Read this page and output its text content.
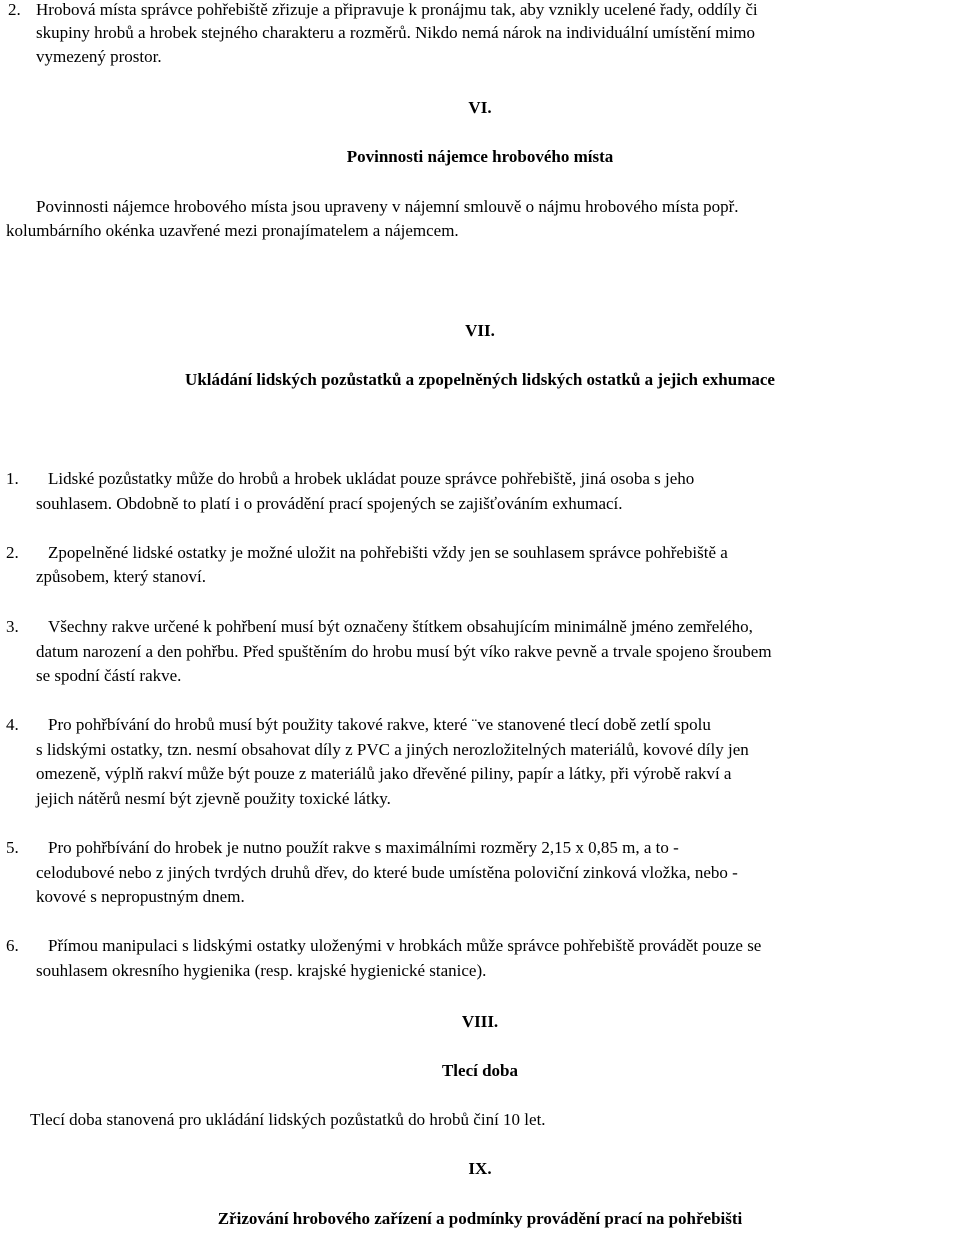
2. Hrobová místa správce pohřebiště zřizuje a připravuje k pronájmu tak, aby vznikly ucelené řady, oddíly či
skupiny hrobů a hrobek stejného charakteru a rozměrů. Nikdo nemá nárok na individuální umístění mimo
vymezený prostor.
VI.
Povinnosti nájemce hrobového místa
Povinnosti nájemce hrobového místa jsou upraveny v nájemní smlouvě o nájmu hrobového místa popř.
kolumbárního okénka uzavřené mezi pronajímatelem a nájemcem.
VII.
Ukládání lidských pozůstatků a zpopelněných lidských ostatků a jejich exhumace
1. Lidské pozůstatky může do hrobů a hrobek ukládat pouze správce pohřebiště, jiná osoba s jeho
souhlasem. Obdobně to platí i o provádění prací spojených se zajišťováním exhumací.
2. Zpopelněné lidské ostatky je možné uložit na pohřebišti vždy jen se souhlasem správce pohřebiště a
způsobem, který stanoví.
3. Všechny rakve určené k pohřbení musí být označeny štítkem obsahujícím minimálně jméno zemřelého,
datum narození a den pohřbu. Před spuštěním do hrobu musí být víko rakve pevně a trvale spojeno šroubem
se spodní částí rakve.
4. Pro pohřbívání do hrobů musí být použity takové rakve, které ¨ve stanovené tlecí době zetlí spolu
s lidskými ostatky, tzn. nesmí obsahovat díly z PVC a jiných nerozložitelných materiálů, kovové díly jen
omezeně, výplň rakví může být pouze z materiálů jako dřevěné piliny, papír a látky, při výrobě rakví a
jejich nátěrů nesmí být zjevně použity toxické látky.
5. Pro pohřbívání do hrobek je nutno použít rakve s maximálními rozměry 2,15 x 0,85 m, a to -
celodubové nebo z jiných tvrdých druhů dřev, do které bude umístěna poloviční zinková vložka, nebo -
kovové s nepropustným dnem.
6. Přímou manipulaci s lidskými ostatky uloženými v hrobkách může správce pohřebiště provádět pouze se
souhlasem okresního hygienika (resp. krajské hygienické stanice).
VIII.
Tlecí doba
Tlecí doba stanovená pro ukládání lidských pozůstatků do hrobů činí 10 let.
IX.
Zřizování hrobového zařízení a podmínky provádění prací na pohřebišti
